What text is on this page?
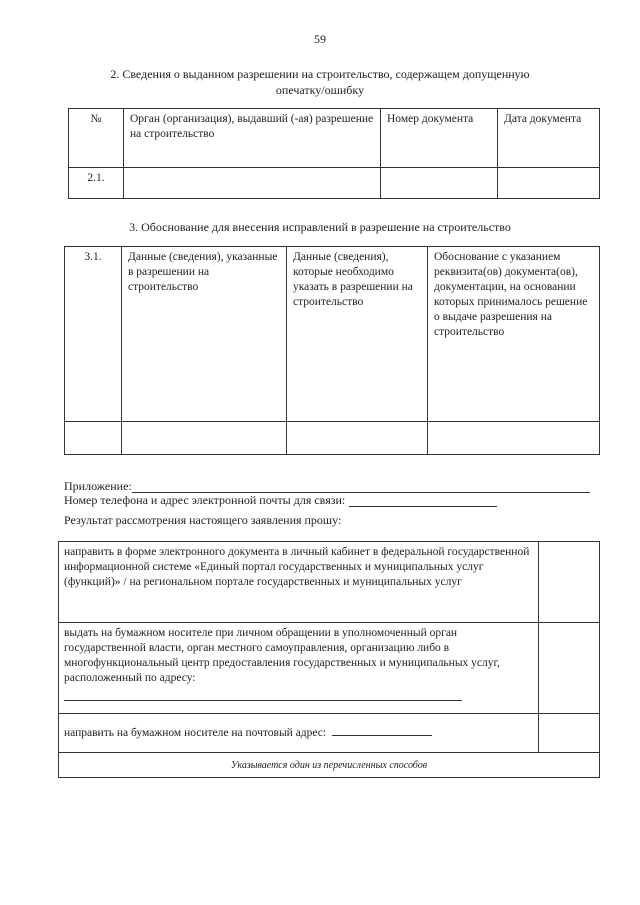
59
2. Сведения о выданном разрешении на строительство, содержащем допущенную
опечатку/ошибку
№	Орган (организация), выдавший (-ая) разрешение на строительство	Номер документа	Дата документа
2.1.			
3. Обоснование для внесения исправлений в разрешение на строительство
3.1.	Данные (сведения), указанные в разрешении на строительство	Данные (сведения), которые необходимо указать в разрешении на строительство	Обоснование с указанием реквизита(ов) документа(ов), документации, на основании которых принималось решение о выдаче разрешения на строительство

Приложение:
Номер телефона и адрес электронной почты для связи:
Результат рассмотрения настоящего заявления прошу:
направить в форме электронного документа в личный кабинет в федеральной государственной информационной системе «Единый портал государственных и муниципальных услуг (функций)» / на региональном портале государственных и муниципальных услуг	
выдать на бумажном носителе при личном обращении в уполномоченный орган государственной власти, орган местного самоуправления, организацию либо в многофункциональный центр предоставления государственных и муниципальных услуг, расположенный по адресу:

направить на бумажном носителе на почтовый адрес:	
Указывается один из перечисленных способов	
